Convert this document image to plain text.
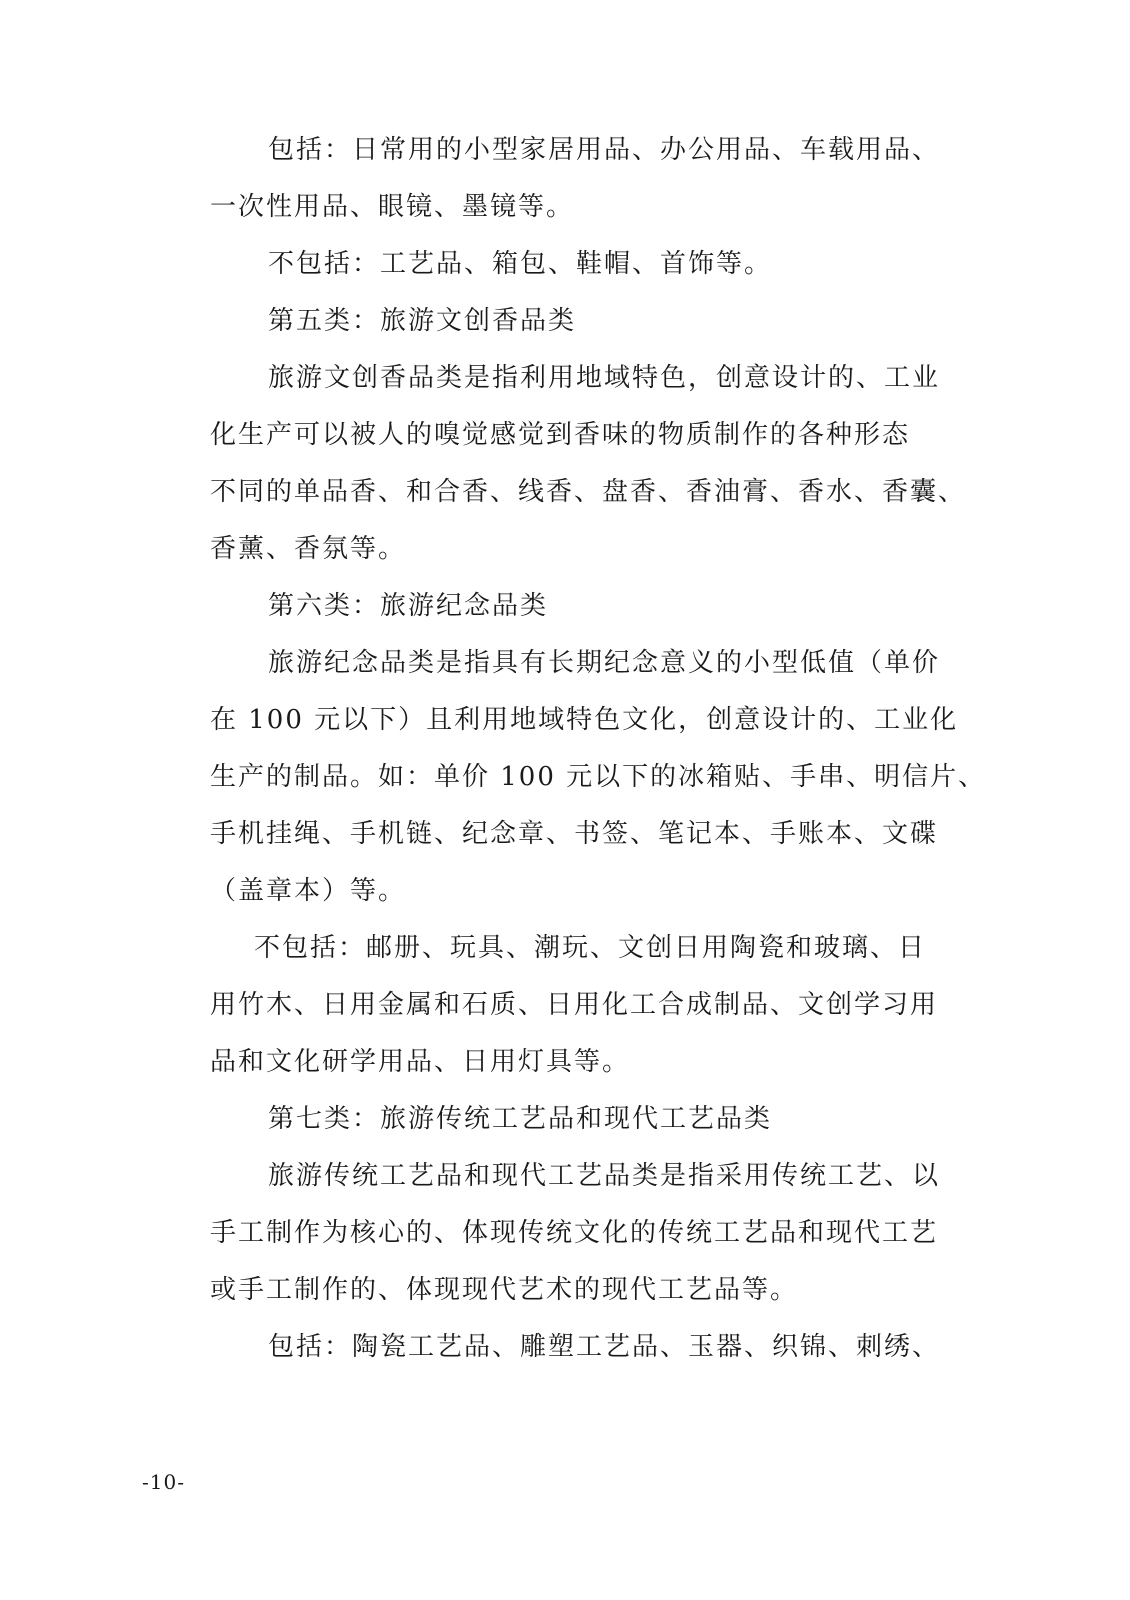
包括：日常用的小型家居用品、办公用品、车载用品、
一次性用品、眼镜、墨镜等。
不包括：工艺品、箱包、鞋帽、首饰等。
第五类：旅游文创香品类
旅游文创香品类是指利用地域特色，创意设计的、工业
化生产可以被人的嗅觉感觉到香味的物质制作的各种形态
不同的单品香、和合香、线香、盘香、香油膏、香水、香囊、
香薰、香氛等。
第六类：旅游纪念品类
旅游纪念品类是指具有长期纪念意义的小型低值（单价
在 100 元以下）且利用地域特色文化，创意设计的、工业化
生产的制品。如：单价 100 元以下的冰箱贴、手串、明信片、
手机挂绳、手机链、纪念章、书签、笔记本、手账本、文碟
（盖章本）等。
不包括：邮册、玩具、潮玩、文创日用陶瓷和玻璃、日
用竹木、日用金属和石质、日用化工合成制品、文创学习用
品和文化研学用品、日用灯具等。
第七类：旅游传统工艺品和现代工艺品类
旅游传统工艺品和现代工艺品类是指采用传统工艺、以
手工制作为核心的、体现传统文化的传统工艺品和现代工艺
或手工制作的、体现现代艺术的现代工艺品等。
包括：陶瓷工艺品、雕塑工艺品、玉器、织锦、刺绣、
-10-
